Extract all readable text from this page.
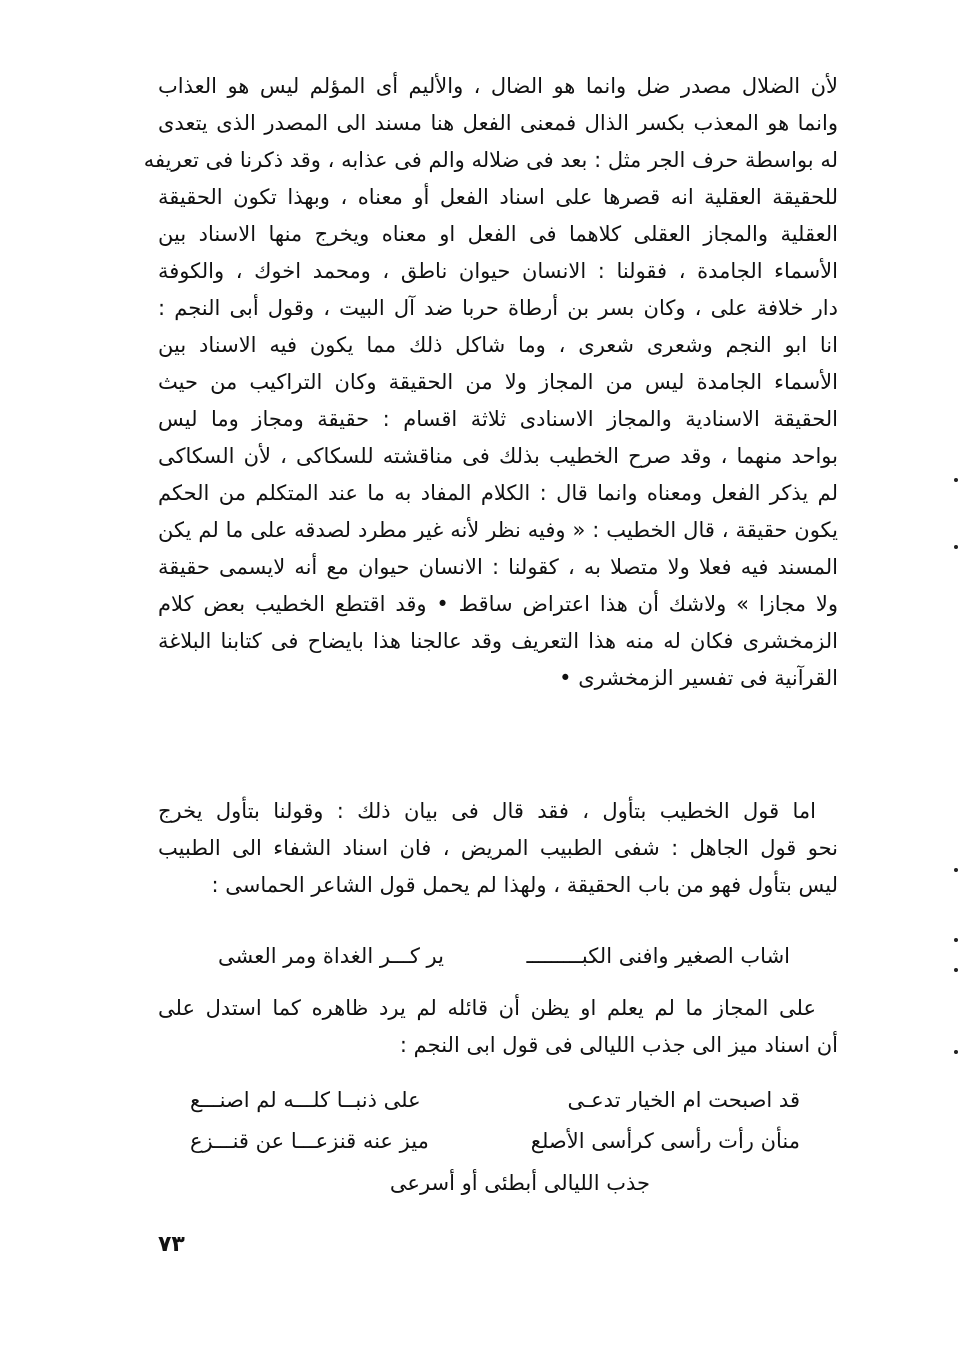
لأن الضلال مصدر ضل وانما هو الضال ، والأليم أى المؤلم ليس هو العذاب
وانما هو المعذب بكسر الذال فمعنى الفعل هنا مسند الى المصدر الذى يتعدى
له بواسطة حرف الجر مثل : بعد فى ضلاله والم فى عذابه ، وقد ذكرنا فى تعريفه
للحقيقة العقلية انه قصرها على اسناد الفعل أو معناه ، وبهذا تكون الحقيقة
العقلية والمجاز العقلى كلاهما فى الفعل او معناه ويخرج منها الاسناد بين
الأسماء الجامدة ، فقولنا : الانسان حيوان ناطق ، ومحمد اخوك ، والكوفة
دار خلافة على ، وكان بسر بن أرطاة حربا ضد آل البيت ، وقول أبى النجم :
انا ابو النجم وشعرى شعرى ، وما شاكل ذلك مما يكون فيه الاسناد بين
الأسماء الجامدة ليس من المجاز ولا من الحقيقة وكان التراكيب من حيث
الحقيقة الاسنادية والمجاز الاسنادى ثلاثة اقسام : حقيقة ومجاز وما ليس
بواحد منهما ، وقد صرح الخطيب بذلك فى مناقشته للسكاكى ، لأن السكاكى
لم يذكر الفعل ومعناه وانما قال : الكلام المفاد به ما عند المتكلم من الحكم
يكون حقيقة ، قال الخطيب : « وفيه نظر لأنه غير مطرد لصدقه على ما لم يكن
المسند فيه فعلا ولا متصلا به ، كقولنا : الانسان حيوان مع أنه لايسمى حقيقة
ولا مجازا » ولاشك أن هذا اعتراض ساقط • وقد اقتطع الخطيب بعض كلام
الزمخشرى فكان له منه هذا التعريف وقد عالجنا هذا بايضاح فى كتابنا البلاغة
القرآنية فى تفسير الزمخشرى •
اما قول الخطيب بتأول ، فقد قال فى بيان ذلك : وقولنا بتأول يخرج
نحو قول الجاهل : شفى الطبيب المريض ، فان اسناد الشفاء الى الطبيب
ليس بتأول فهو من باب الحقيقة ، ولهذا لم يحمل قول الشاعر الحماسى :
اشاب الصغير وافنى الكبـــــــــ
ير كـــر الغداة ومر العشى
على المجاز ما لم يعلم او يظن أن قائله لم يرد ظاهره كما استدل على
أن اسناد ميز الى جذب الليالى فى قول ابى النجم :
قد اصبحت ام الخيار تدعـى
على ذنبــا كلـــه لم اصنـــع
منأن رأت رأسى كرأسى الأصلع
ميز عنه قنزعـــا عن قنـــزع
جذب الليالى أبطئى أو أسرعى
٧٣
